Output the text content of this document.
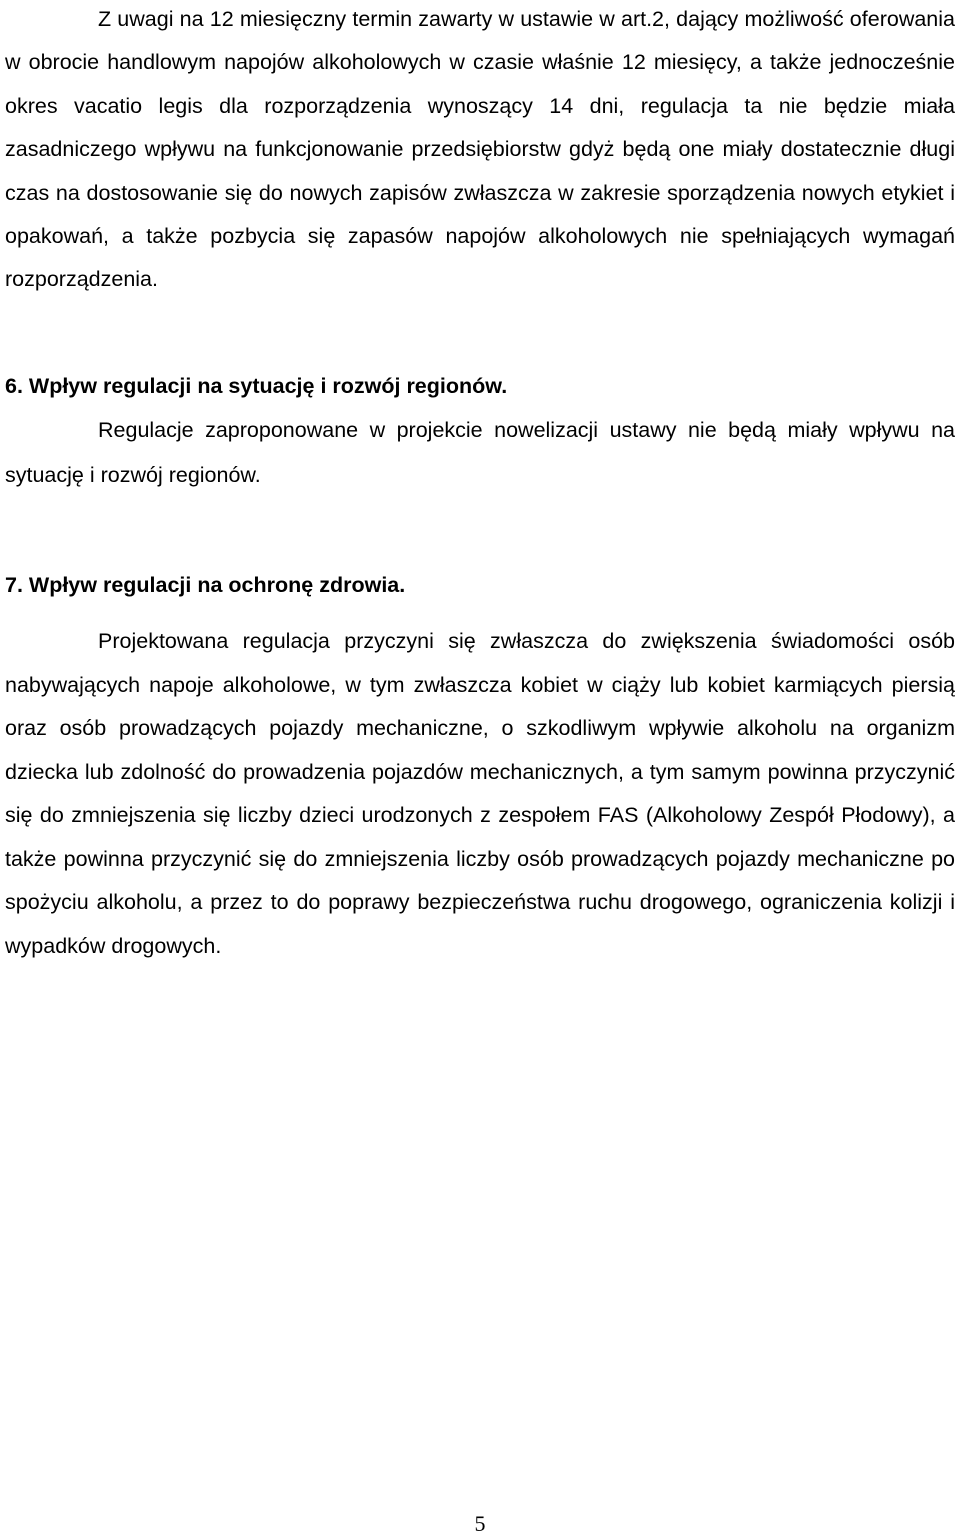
Z uwagi na 12 miesięczny termin zawarty w ustawie w art.2, dający możliwość oferowania w obrocie handlowym napojów alkoholowych w czasie właśnie 12 miesięcy, a także jednocześnie okres vacatio legis dla rozporządzenia wynoszący 14 dni, regulacja ta nie będzie miała zasadniczego wpływu na funkcjonowanie przedsiębiorstw gdyż będą one miały dostatecznie długi czas na dostosowanie się do nowych zapisów zwłaszcza w zakresie sporządzenia nowych etykiet i opakowań, a także pozbycia się zapasów napojów alkoholowych nie spełniających wymagań rozporządzenia.

6. Wpływ regulacji na sytuację i rozwój regionów.

Regulacje zaproponowane w projekcie nowelizacji ustawy nie będą miały wpływu na sytuację i rozwój regionów.

7. Wpływ regulacji na ochronę zdrowia.

Projektowana regulacja przyczyni się zwłaszcza do zwiększenia świadomości osób nabywających napoje alkoholowe, w tym zwłaszcza kobiet w ciąży lub kobiet karmiących piersią oraz osób prowadzących pojazdy mechaniczne, o szkodliwym wpływie alkoholu na organizm dziecka lub zdolność do prowadzenia pojazdów mechanicznych, a tym samym powinna przyczynić się do zmniejszenia się liczby dzieci urodzonych z zespołem FAS (Alkoholowy Zespół Płodowy), a także powinna przyczynić się do zmniejszenia liczby osób prowadzących pojazdy mechaniczne po spożyciu alkoholu, a przez to do poprawy bezpieczeństwa ruchu drogowego, ograniczenia kolizji i wypadków drogowych.

5
